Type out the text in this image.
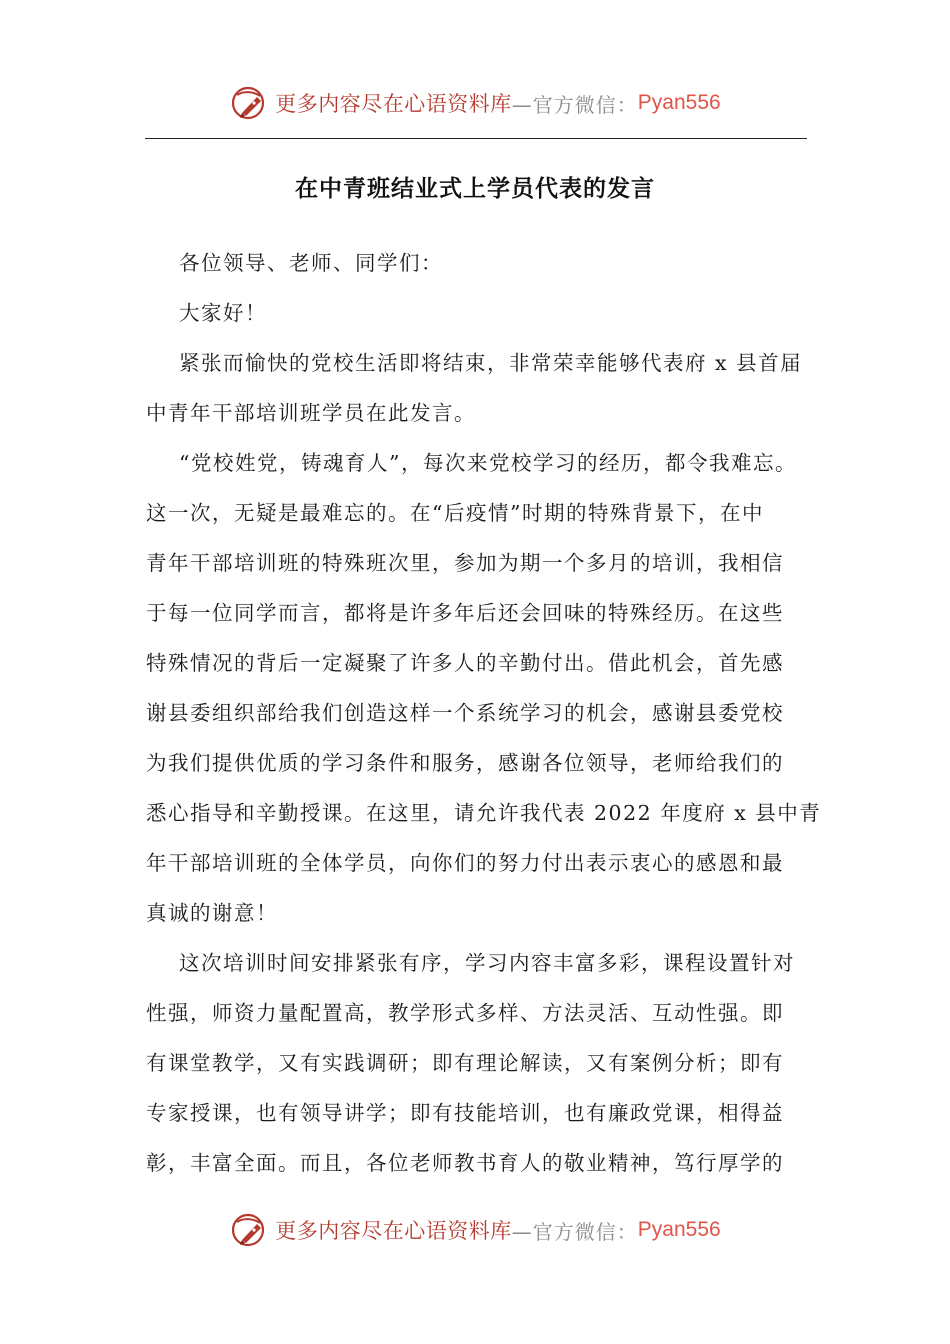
更多内容尽在心语资料库 —官方微信： Pyan556
在中青班结业式上学员代表的发言
各位领导、老师、同学们：
大家好！
紧张而愉快的党校生活即将结束，非常荣幸能够代表府 x 县首届
中青年干部培训班学员在此发言。
“党校姓党，铸魂育人”，每次来党校学习的经历，都令我难忘。
这一次，无疑是最难忘的。在“后疫情”时期的特殊背景下，在中
青年干部培训班的特殊班次里，参加为期一个多月的培训，我相信
于每一位同学而言，都将是许多年后还会回味的特殊经历。在这些
特殊情况的背后一定凝聚了许多人的辛勤付出。借此机会，首先感
谢县委组织部给我们创造这样一个系统学习的机会，感谢县委党校
为我们提供优质的学习条件和服务，感谢各位领导，老师给我们的
悉心指导和辛勤授课。在这里，请允许我代表 2022 年度府 x 县中青
年干部培训班的全体学员，向你们的努力付出表示衷心的感恩和最
真诚的谢意！
这次培训时间安排紧张有序，学习内容丰富多彩，课程设置针对
性强，师资力量配置高，教学形式多样、方法灵活、互动性强。即
有课堂教学，又有实践调研；即有理论解读，又有案例分析；即有
专家授课，也有领导讲学；即有技能培训，也有廉政党课，相得益
彰，丰富全面。而且，各位老师教书育人的敬业精神，笃行厚学的
更多内容尽在心语资料库 —官方微信： Pyan556
